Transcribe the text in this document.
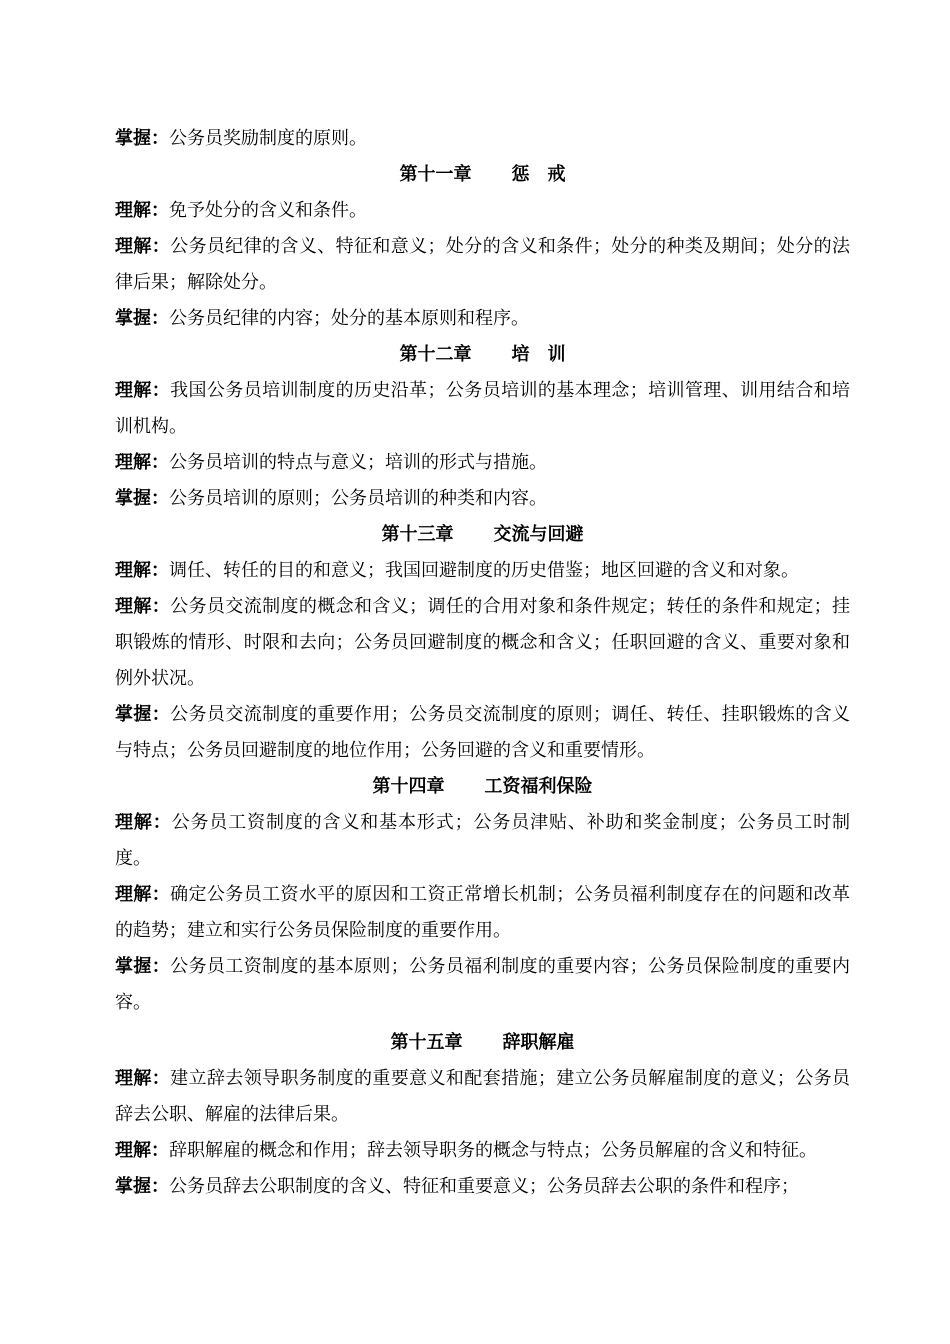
掌握：公务员奖励制度的原则。

第十一章 惩　戒

理解：免予处分的含义和条件。

理解：公务员纪律的含义、特征和意义；处分的含义和条件；处分的种类及期间；处分的法律后果；解除处分。

掌握：公务员纪律的内容；处分的基本原则和程序。

第十二章 培　训

理解：我国公务员培训制度的历史沿革；公务员培训的基本理念；培训管理、训用结合和培训机构。

理解：公务员培训的特点与意义；培训的形式与措施。

掌握：公务员培训的原则；公务员培训的种类和内容。

第十三章 交流与回避

理解：调任、转任的目的和意义；我国回避制度的历史借鉴；地区回避的含义和对象。

理解：公务员交流制度的概念和含义；调任的合用对象和条件规定；转任的条件和规定；挂职锻炼的情形、时限和去向；公务员回避制度的概念和含义；任职回避的含义、重要对象和例外状况。

掌握：公务员交流制度的重要作用；公务员交流制度的原则；调任、转任、挂职锻炼的含义与特点；公务员回避制度的地位作用；公务回避的含义和重要情形。

第十四章 工资福利保险

理解：公务员工资制度的含义和基本形式；公务员津贴、补助和奖金制度；公务员工时制度。

理解：确定公务员工资水平的原因和工资正常增长机制；公务员福利制度存在的问题和改革的趋势；建立和实行公务员保险制度的重要作用。

掌握：公务员工资制度的基本原则；公务员福利制度的重要内容；公务员保险制度的重要内容。

第十五章 辞职解雇

理解：建立辞去领导职务制度的重要意义和配套措施；建立公务员解雇制度的意义；公务员辞去公职、解雇的法律后果。

理解：辞职解雇的概念和作用；辞去领导职务的概念与特点；公务员解雇的含义和特征。

掌握：公务员辞去公职制度的含义、特征和重要意义；公务员辞去公职的条件和程序；
